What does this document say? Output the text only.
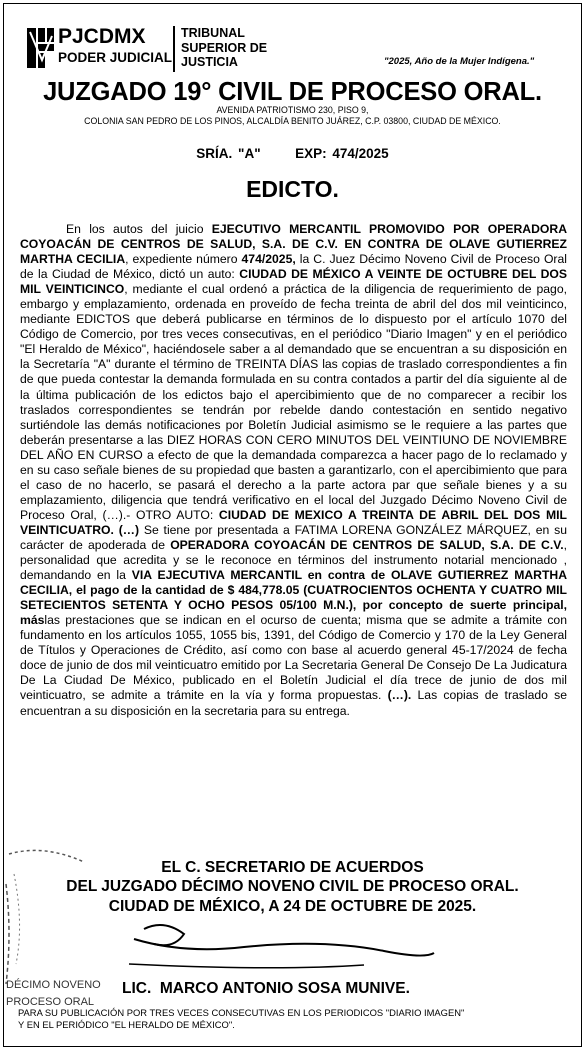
PJCDMX
PODER JUDICIAL
TRIBUNAL
SUPERIOR DE
JUSTICIA	"2025, Año de la Mujer Indígena."
JUZGADO 19° CIVIL DE PROCESO ORAL.
AVENIDA PATRIOTISMO 230, PISO 9,
COLONIA SAN PEDRO DE LOS PINOS, ALCALDÍA BENITO JUÁREZ, C.P. 03800, CIUDAD DE MÉXICO.
SRÍA. "A"      EXP: 474/2025
EDICTO.

En los autos del juicio EJECUTIVO MERCANTIL PROMOVIDO POR OPERADORA COYOACÁN DE CENTROS DE SALUD, S.A. DE C.V. EN CONTRA DE OLAVE GUTIERREZ MARTHA CECILIA, expediente número 474/2025, la C. Juez Décimo Noveno Civil de Proceso Oral de la Ciudad de México, dictó un auto: CIUDAD DE MÉXICO A VEINTE DE OCTUBRE DEL DOS MIL VEINTICINCO, mediante el cual ordenó a práctica de la diligencia de requerimiento de pago, embargo y emplazamiento, ordenada en proveído de fecha treinta de abril del dos mil veinticinco, mediante EDICTOS que deberá publicarse en términos de lo dispuesto por el artículo 1070 del Código de Comercio, por tres veces consecutivas, en el periódico "Diario Imagen" y en el periódico "El Heraldo de México", haciéndosele saber a al demandado que se encuentran a su disposición en la Secretaría "A" durante el término de TREINTA DÍAS las copias de traslado correspondientes a fin de que pueda contestar la demanda formulada en su contra contados a partir del día siguiente al de la última publicación de los edictos bajo el apercibimiento que de no comparecer a recibir los traslados correspondientes se tendrán por rebelde dando contestación en sentido negativo surtiéndole las demás notificaciones por Boletín Judicial asimismo se le requiere a las partes que deberán presentarse a las DIEZ HORAS CON CERO MINUTOS DEL VEINTIUNO DE NOVIEMBRE DEL AÑO EN CURSO a efecto de que la demandada comparezca a hacer pago de lo reclamado y en su caso señale bienes de su propiedad que basten a garantizarlo, con el apercibimiento que para el caso de no hacerlo, se pasará el derecho a la parte actora par que señale bienes y a su emplazamiento, diligencia que tendrá verificativo en el local del Juzgado Décimo Noveno Civil de Proceso Oral, (…).- OTRO AUTO: CIUDAD DE MEXICO A TREINTA DE ABRIL DEL DOS MIL VEINTICUATRO. (…) Se tiene por presentada a FATIMA LORENA GONZÁLEZ MÁRQUEZ, en su carácter de apoderada de OPERADORA COYOACÁN DE CENTROS DE SALUD, S.A. DE C.V., personalidad que acredita y se le reconoce en términos del instrumento notarial mencionado , demandando en la VIA EJECUTIVA MERCANTIL en contra de OLAVE GUTIERREZ MARTHA CECILIA, el pago de la cantidad de $ 484,778.05 (CUATROCIENTOS OCHENTA Y CUATRO MIL SETECIENTOS SETENTA Y OCHO PESOS 05/100 M.N.), por concepto de suerte principal, máslas prestaciones que se indican en el ocurso de cuenta; misma que se admite a trámite con fundamento en los artículos 1055, 1055 bis, 1391, del Código de Comercio y 170 de la Ley General de Títulos y Operaciones de Crédito, así como con base al acuerdo general 45-17/2024 de fecha doce de junio de dos mil veinticuatro emitido por La Secretaria General De Consejo De La Judicatura De La Ciudad De México, publicado en el Boletín Judicial el día trece de junio de dos mil veinticuatro, se admite a trámite en la vía y forma propuestas. (…). Las copias de traslado se encuentran a su disposición en la secretaria para su entrega.

DÉCIMO NOVENO
PROCESO ORAL
EL C. SECRETARIO DE ACUERDOS
DEL JUZGADO DÉCIMO NOVENO CIVIL DE PROCESO ORAL.
CIUDAD DE MÉXICO, A 24 DE OCTUBRE DE 2025.
LIC.  MARCO ANTONIO SOSA MUNIVE.
PARA SU PUBLICACIÓN POR TRES VECES CONSECUTIVAS EN LOS PERIODICOS "DIARIO IMAGEN"
Y EN EL PERIÓDICO "EL HERALDO DE MÉXICO".
